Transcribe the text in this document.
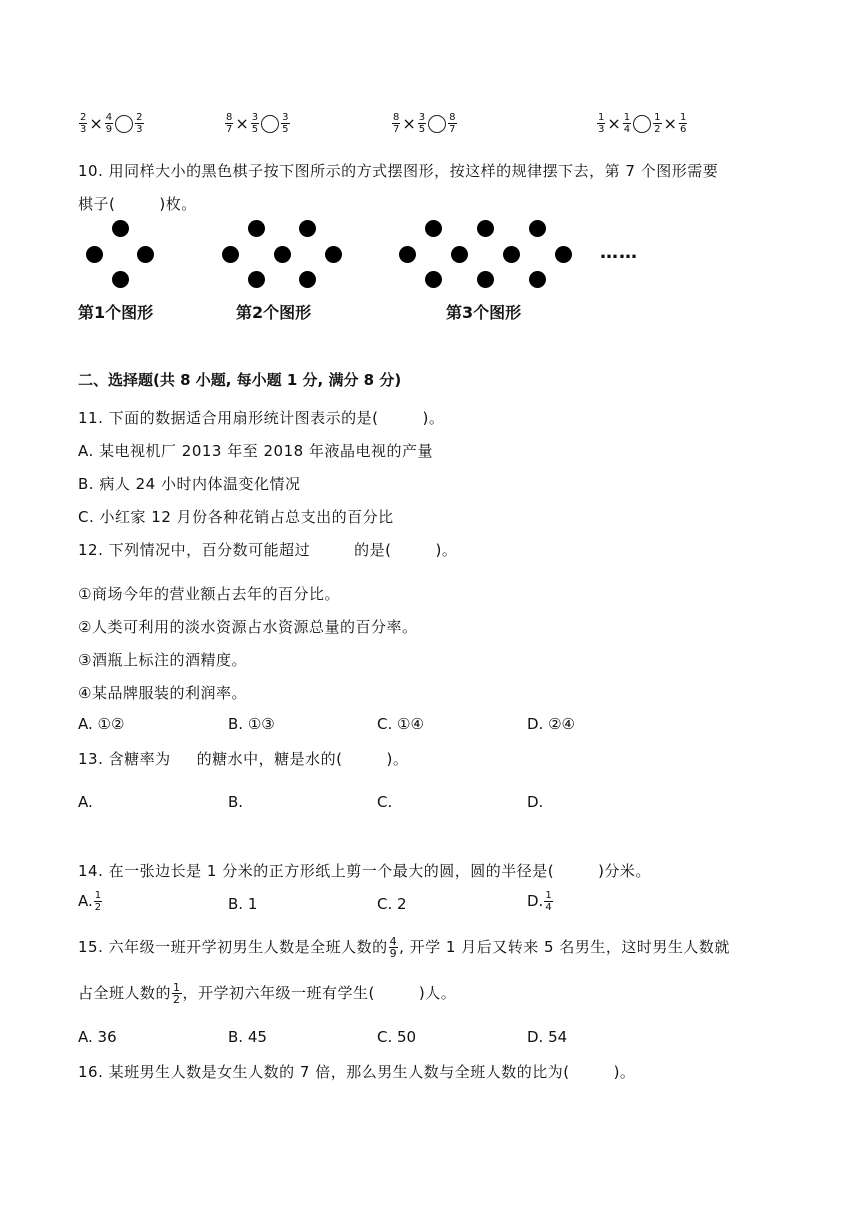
$\frac{2}{3} \times \frac{4}{9} \frac{2}{3}$	$\frac{8}{7} \times \frac{3}{5} \frac{3}{5}$	$\frac{8}{7} \times \frac{3}{5} \frac{8}{7}$	$\frac{1}{3} \times \frac{1}{4} \frac{1}{2} \times \frac{1}{6}$
10. 用同样大小的黑色棋子按下图所示的方式摆图形，按这样的规律摆下去，第 7 个图形需要
棋子(	)枚。
……
第1个图形	第2个图形	第3个图形
二、选择题(共 8 小题, 每小题 1 分, 满分 8 分)
11. 下面的数据适合用扇形统计图表示的是(	)。
A. 某电视机厂 2013 年至 2018 年液晶电视的产量
B. 病人 24 小时内体温变化情况
C. 小红家 12 月份各种花销占总支出的百分比
12. 下列情况中，百分数可能超过	的是(	)。
①商场今年的营业额占去年的百分比。
②人类可利用的淡水资源占水资源总量的百分率。
③酒瓶上标注的酒精度。
④某品牌服装的利润率。
A. ①②	B. ①③	C. ①④	D. ②④
13. 含糖率为 的糖水中，糖是水的(	)。
A.	B.	C.	D.
14. 在一张边长是 1 分米的正方形纸上剪一个最大的圆，圆的半径是(	)分米。
A. $\frac{1}{2}$	B. 1	C. 2	D. $\frac{1}{4}$
15. 六年级一班开学初男生人数是全班人数的 $\frac{4}{9}$ , 开学 1 月后又转来 5 名男生，这时男生人数就
占全班人数的 $\frac{1}{2}$ ，开学初六年级一班有学生(	)人。
A. 36	B. 45	C. 50	D. 54
16. 某班男生人数是女生人数的 7 倍，那么男生人数与全班人数的比为(	)。
